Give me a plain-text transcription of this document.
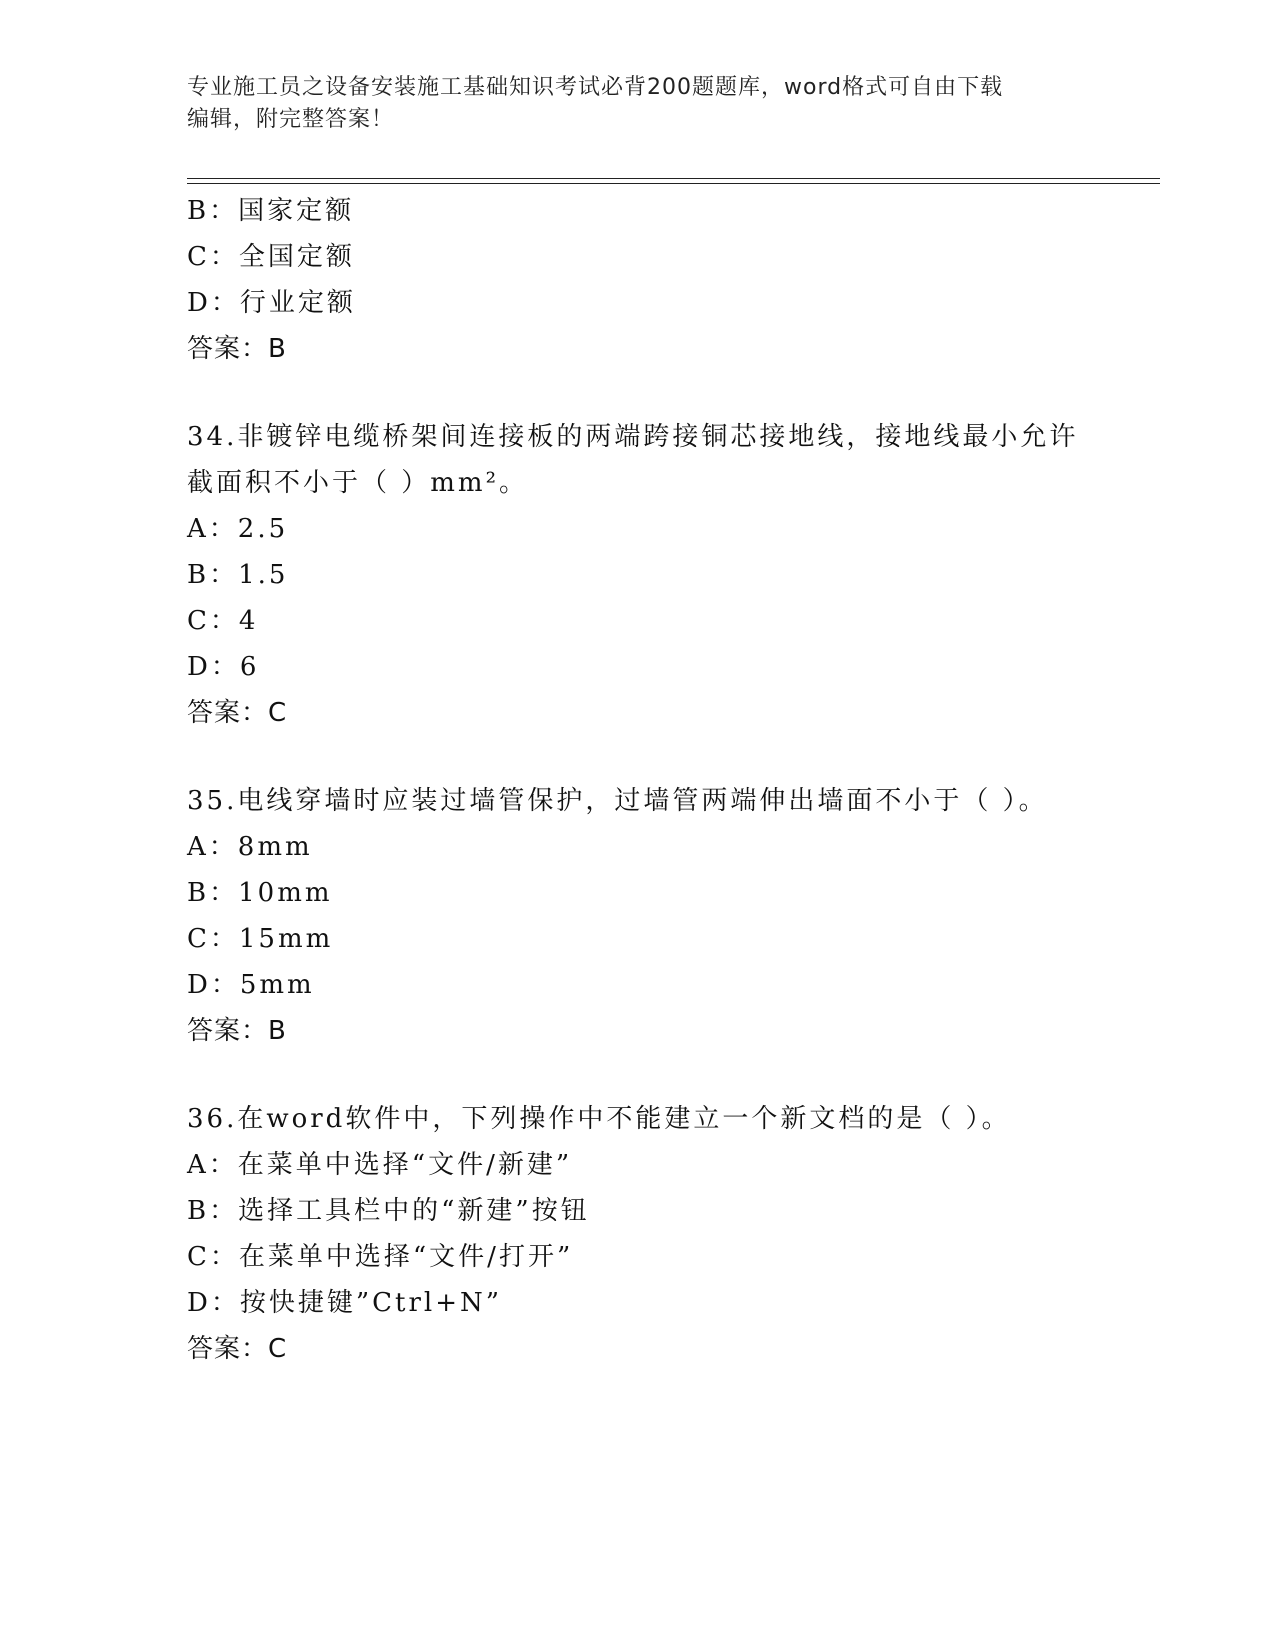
专业施工员之设备安装施工基础知识考试必背200题题库，word格式可自由下载
编辑，附完整答案！
B：国家定额
C：全国定额
D：行业定额
答案：B
34.非镀锌电缆桥架间连接板的两端跨接铜芯接地线，接地线最小允许
截面积不小于（ ）mm²。
A：2.5
B：1.5
C：4
D：6
答案：C
35.电线穿墙时应装过墙管保护，过墙管两端伸出墙面不小于（ ）。
A：8mm
B：10mm
C：15mm
D：5mm
答案：B
36.在word软件中，下列操作中不能建立一个新文档的是（ ）。
A：在菜单中选择“文件/新建”
B：选择工具栏中的“新建”按钮
C：在菜单中选择“文件/打开”
D：按快捷键”Ctrl+N”
答案：C
